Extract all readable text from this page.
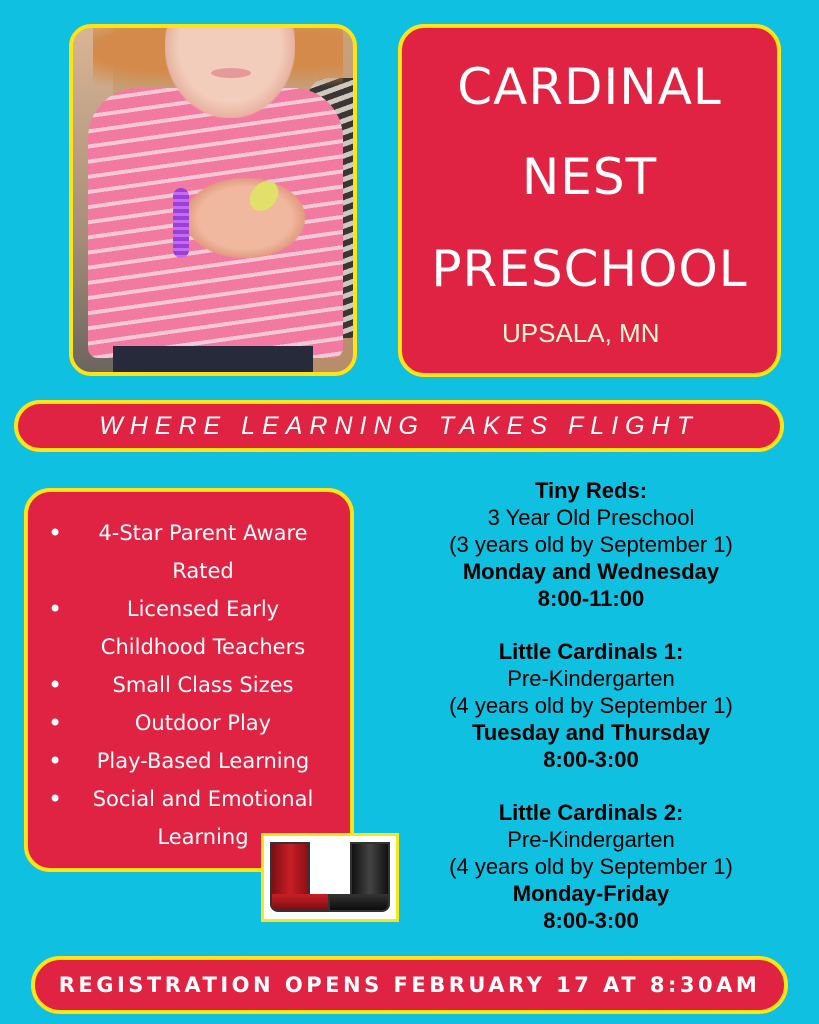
CARDINAL
NEST
PRESCHOOL
UPSALA, MN
WHERE LEARNING TAKES FLIGHT
• 4-Star Parent Aware Rated
• Licensed Early Childhood Teachers
• Small Class Sizes
• Outdoor Play
• Play-Based Learning
• Social and Emotional Learning
Tiny Reds:
3 Year Old Preschool
(3 years old by September 1)
Monday and Wednesday
8:00-11:00
Little Cardinals 1:
Pre-Kindergarten
(4 years old by September 1)
Tuesday and Thursday
8:00-3:00
Little Cardinals 2:
Pre-Kindergarten
(4 years old by September 1)
Monday-Friday
8:00-3:00
REGISTRATION OPENS FEBRUARY 17 AT 8:30AM
